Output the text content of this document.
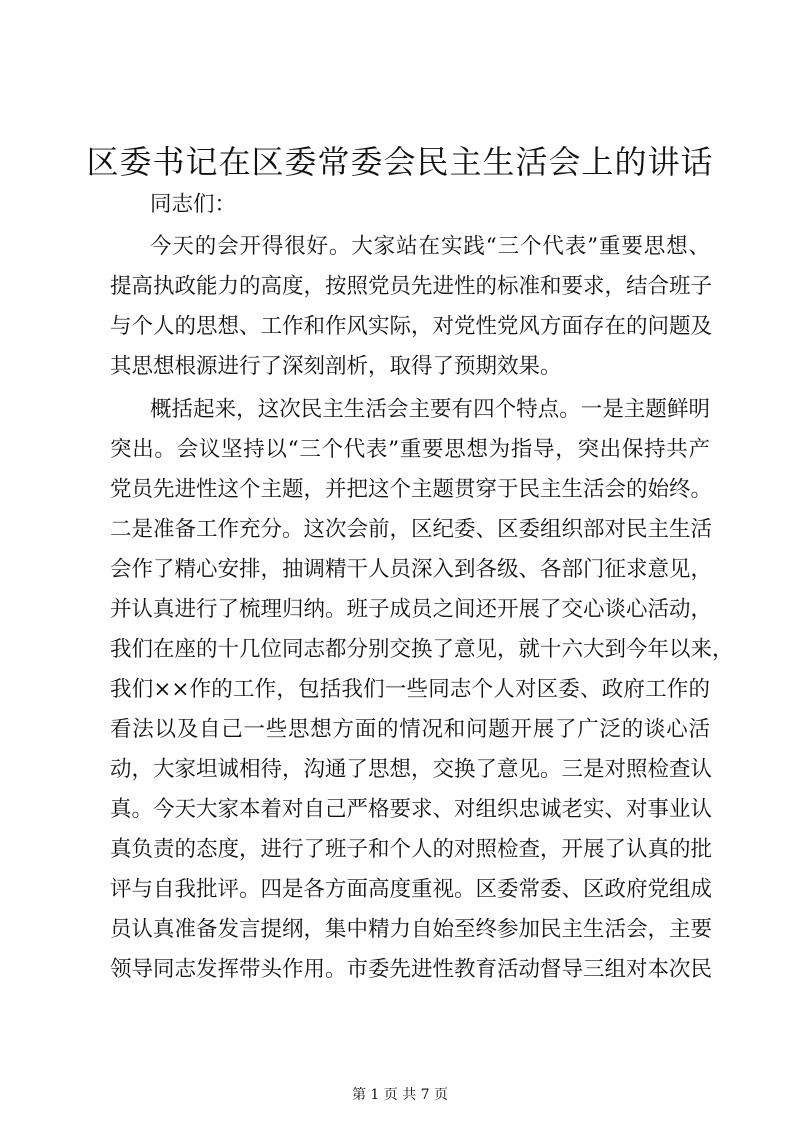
区委书记在区委常委会民主生活会上的讲话
同志们：
今天的会开得很好。大家站在实践“三个代表”重要思想、
提高执政能力的高度，按照党员先进性的标准和要求，结合班子
与个人的思想、工作和作风实际，对党性党风方面存在的问题及
其思想根源进行了深刻剖析，取得了预期效果。
概括起来，这次民主生活会主要有四个特点。一是主题鲜明
突出。会议坚持以“三个代表”重要思想为指导，突出保持共产
党员先进性这个主题，并把这个主题贯穿于民主生活会的始终。
二是准备工作充分。这次会前，区纪委、区委组织部对民主生活
会作了精心安排，抽调精干人员深入到各级、各部门征求意见，
并认真进行了梳理归纳。班子成员之间还开展了交心谈心活动，
我们在座的十几位同志都分别交换了意见，就十六大到今年以来，
我们××作的工作，包括我们一些同志个人对区委、政府工作的
看法以及自己一些思想方面的情况和问题开展了广泛的谈心活
动，大家坦诚相待，沟通了思想，交换了意见。三是对照检查认
真。今天大家本着对自己严格要求、对组织忠诚老实、对事业认
真负责的态度，进行了班子和个人的对照检查，开展了认真的批
评与自我批评。四是各方面高度重视。区委常委、区政府党组成
员认真准备发言提纲，集中精力自始至终参加民主生活会，主要
领导同志发挥带头作用。市委先进性教育活动督导三组对本次民
第 1 页 共 7 页
